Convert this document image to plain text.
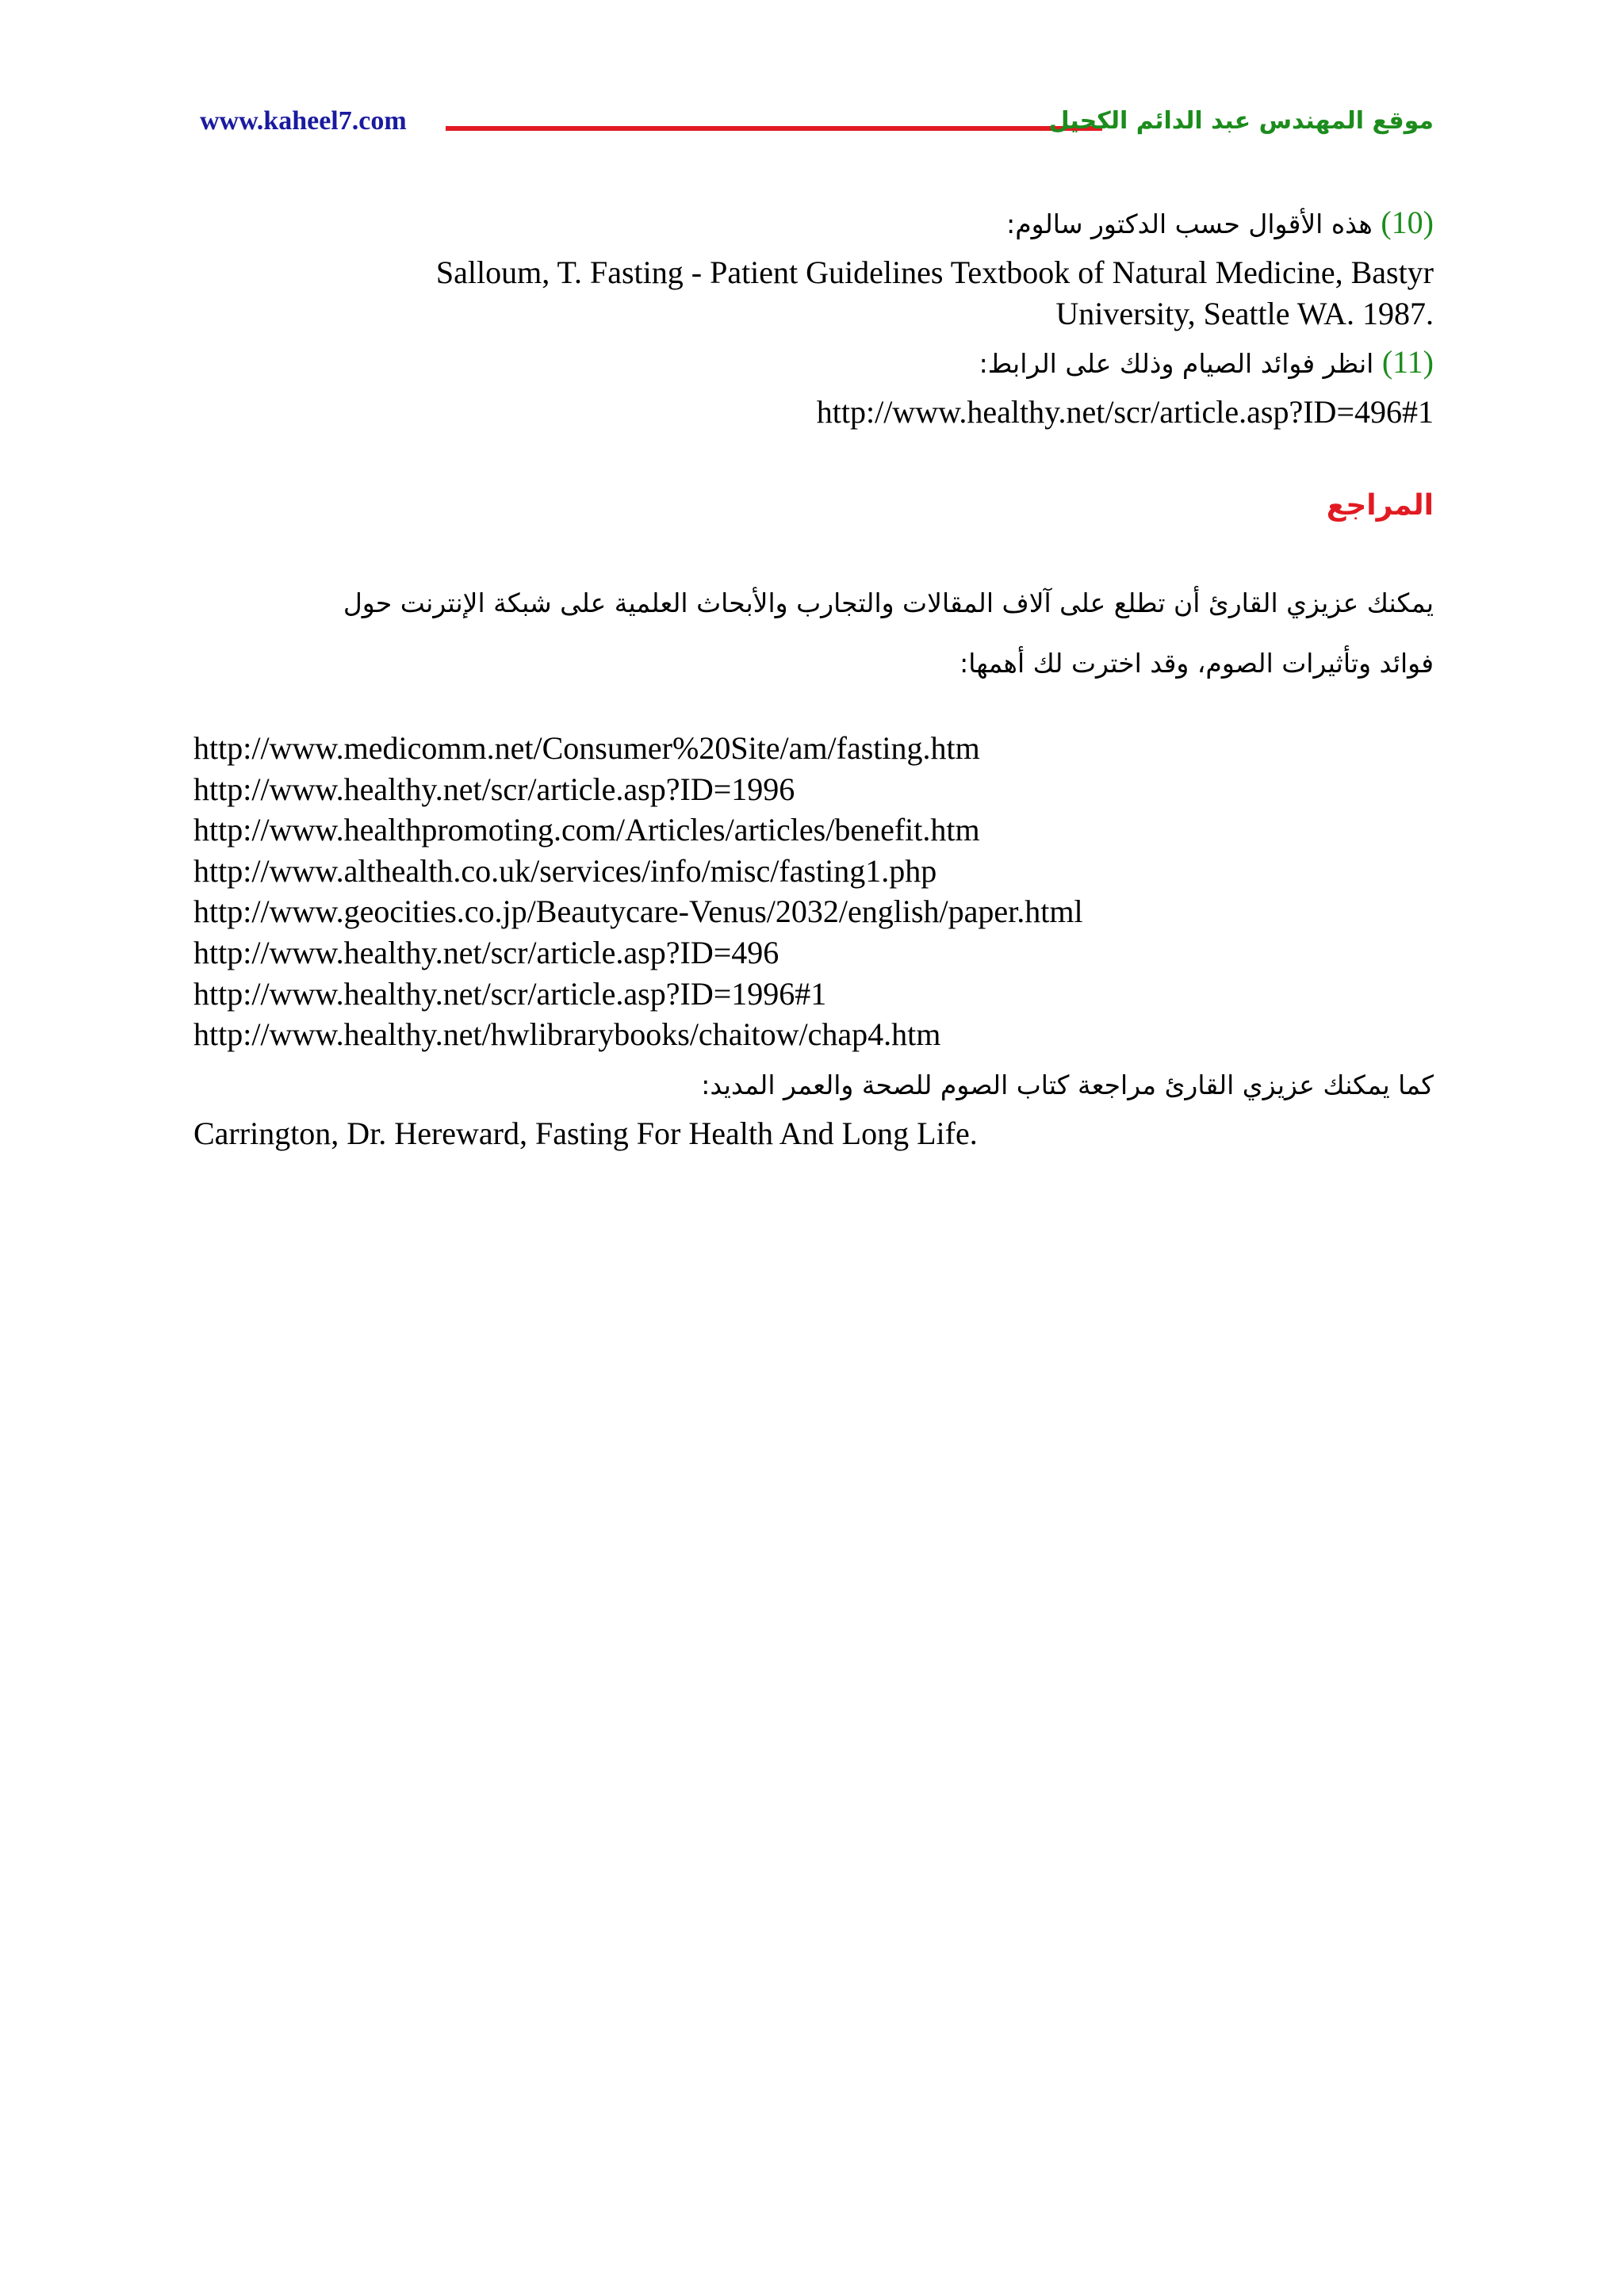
www.kaheel7.com	موقع المهندس عبد الدائم الكحيل
(10) هذه الأقوال حسب الدكتور سالوم:
Salloum, T. Fasting - Patient Guidelines Textbook of Natural Medicine, Bastyr
University, Seattle WA. 1987.
(11) انظر فوائد الصيام وذلك على الرابط:
http://www.healthy.net/scr/article.asp?ID=496#1
المراجع
يمكنك عزيزي القارئ أن تطلع على آلاف المقالات والتجارب والأبحاث العلمية على شبكة الإنترنت حول
فوائد وتأثيرات الصوم، وقد اخترت لك أهمها:
http://www.medicomm.net/Consumer%20Site/am/fasting.htm
http://www.healthy.net/scr/article.asp?ID=1996
http://www.healthpromoting.com/Articles/articles/benefit.htm
http://www.althealth.co.uk/services/info/misc/fasting1.php
http://www.geocities.co.jp/Beautycare-Venus/2032/english/paper.html
http://www.healthy.net/scr/article.asp?ID=496
http://www.healthy.net/scr/article.asp?ID=1996#1
http://www.healthy.net/hwlibrarybooks/chaitow/chap4.htm
كما يمكنك عزيزي القارئ مراجعة كتاب الصوم للصحة والعمر المديد:
Carrington, Dr. Hereward, Fasting For Health And Long Life.
